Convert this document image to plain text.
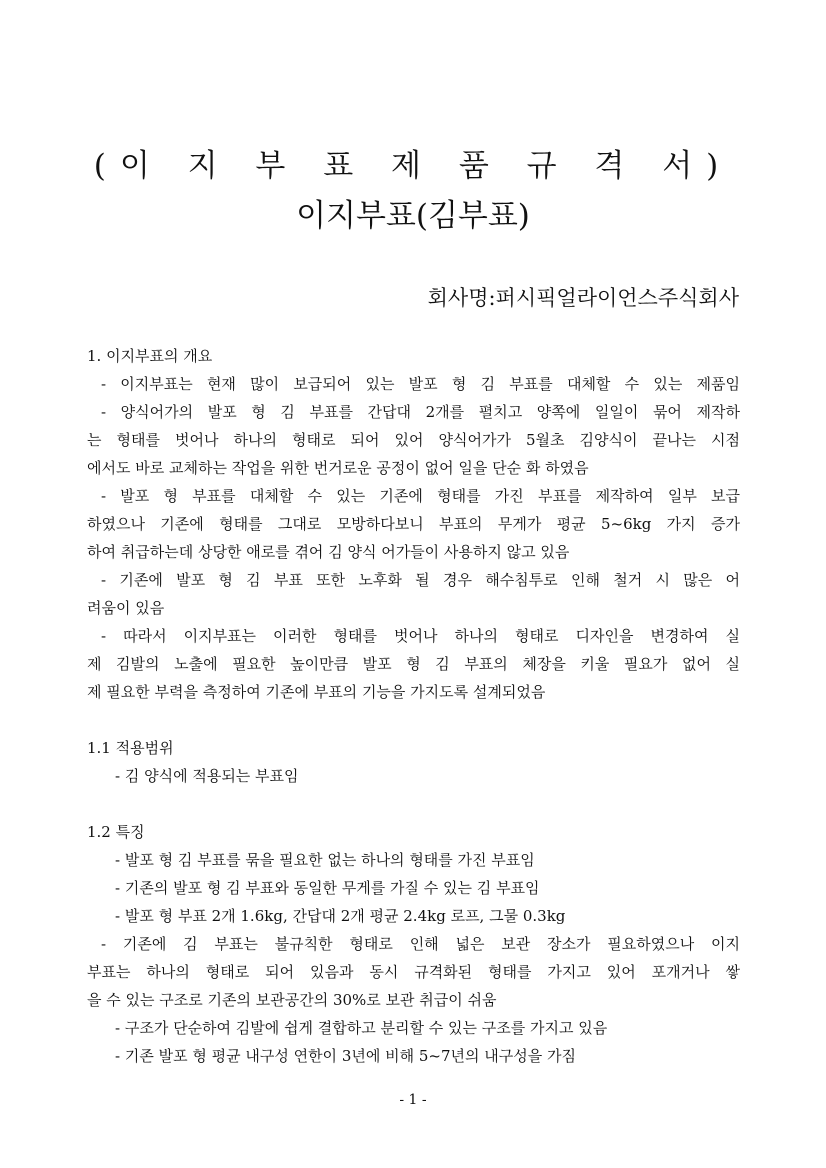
(이 지 부 표 제 품 규 격 서)
이지부표(김부표)
회사명:퍼시픽얼라이언스주식회사
1. 이지부표의 개요
- 이지부표는 현재 많이 보급되어 있는 발포 형 김 부표를 대체할 수 있는 제품임
- 양식어가의 발포 형 김 부표를 간답대 2개를 펼치고 양쪽에 일일이 묶어 제작하
는 형태를 벗어나 하나의 형태로 되어 있어 양식어가가 5월초 김양식이 끝나는 시점
에서도 바로 교체하는 작업을 위한 번거로운 공정이 없어 일을 단순 화 하였음
- 발포 형 부표를 대체할 수 있는 기존에 형태를 가진 부표를 제작하여 일부 보급
하였으나 기존에 형태를 그대로 모방하다보니 부표의 무게가 평균 5~6kg 가지 증가
하여 취급하는데 상당한 애로를 겪어 김 양식 어가들이 사용하지 않고 있음
- 기존에 발포 형 김 부표 또한 노후화 될 경우 해수침투로 인해 철거 시 많은 어
려움이 있음
- 따라서 이지부표는 이러한 형태를 벗어나 하나의 형태로 디자인을 변경하여 실
제 김발의 노출에 필요한 높이만큼 발포 형 김 부표의 체장을 키울 필요가 없어 실
제 필요한 부력을 측정하여 기존에 부표의 기능을 가지도록 설계되었음
1.1 적용범위
- 김 양식에 적용되는 부표임
1.2 특징
- 발포 형 김 부표를 묶을 필요한 없는 하나의 형태를 가진 부표임
- 기존의 발포 형 김 부표와 동일한 무게를 가질 수 있는 김 부표임
- 발포 형 부표 2개 1.6kg, 간답대 2개 평균 2.4kg 로프, 그물 0.3kg
- 기존에 김 부표는 불규칙한 형태로 인해 넓은 보관 장소가 필요하였으나 이지
부표는 하나의 형태로 되어 있음과 동시 규격화된 형태를 가지고 있어 포개거나 쌓
을 수 있는 구조로 기존의 보관공간의 30%로 보관 취급이 쉬움
- 구조가 단순하여 김발에 쉽게 결합하고 분리할 수 있는 구조를 가지고 있음
- 기존 발포 형 평균 내구성 연한이 3년에 비해 5~7년의 내구성을 가짐
- 1 -
